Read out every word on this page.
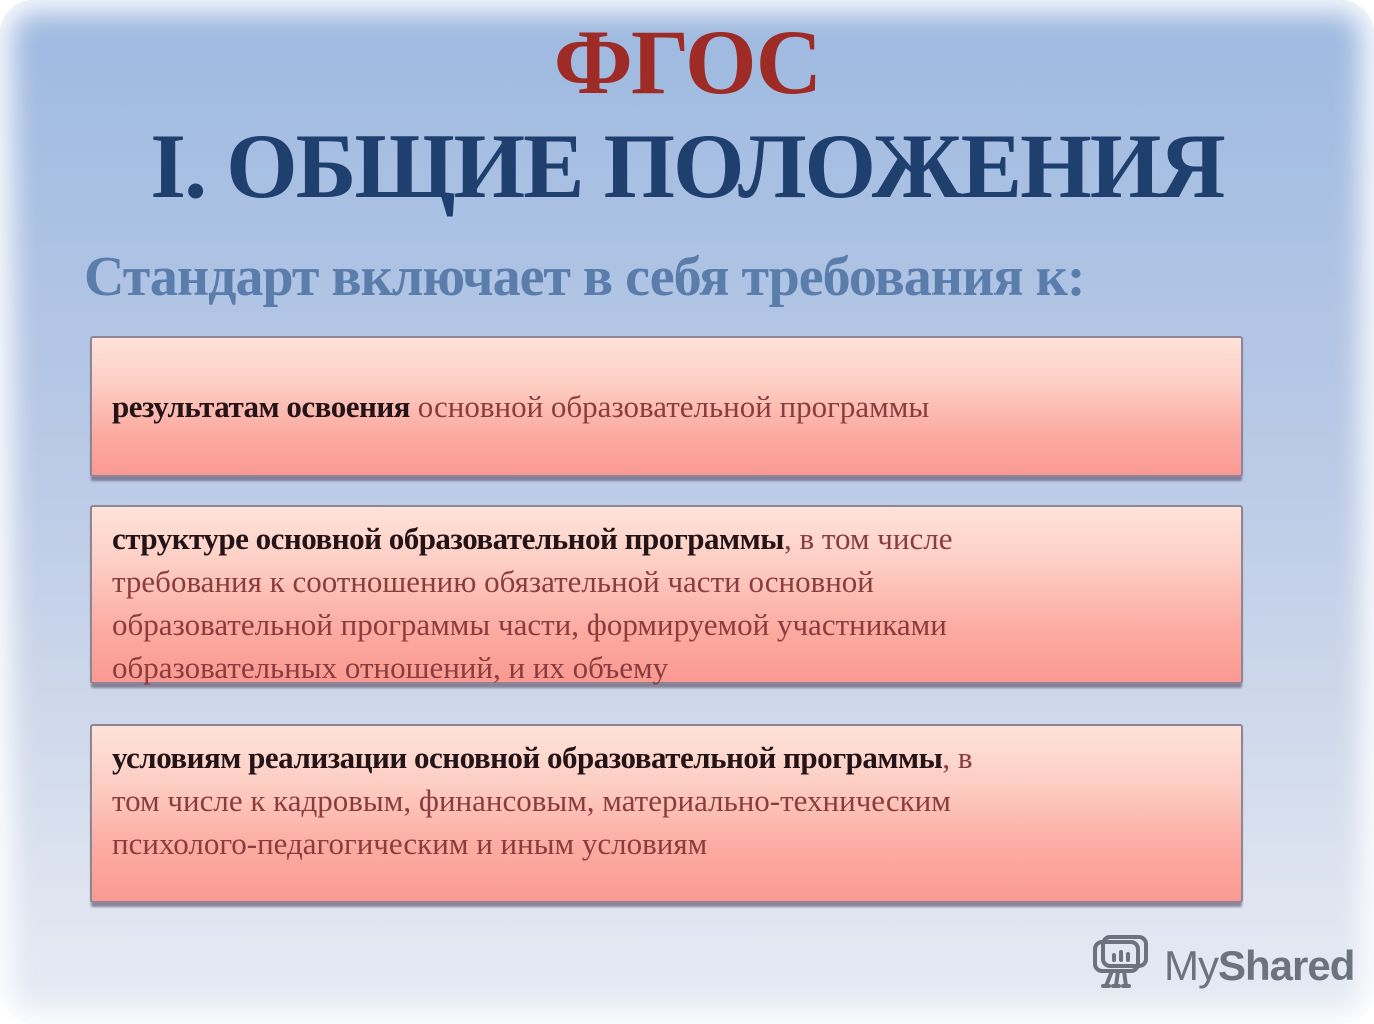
ФГОС
I. ОБЩИЕ ПОЛОЖЕНИЯ
Стандарт включает в себя требования к:
результатам освоения основной образовательной программы
структуре основной образовательной программы, в том числе
требования к соотношению обязательной части основной
образовательной программы части, формируемой участниками
образовательных отношений, и их объему
условиям реализации основной образовательной программы, в
том числе к кадровым, финансовым, материально-техническим
психолого-педагогическим и иным условиям
MyShared
